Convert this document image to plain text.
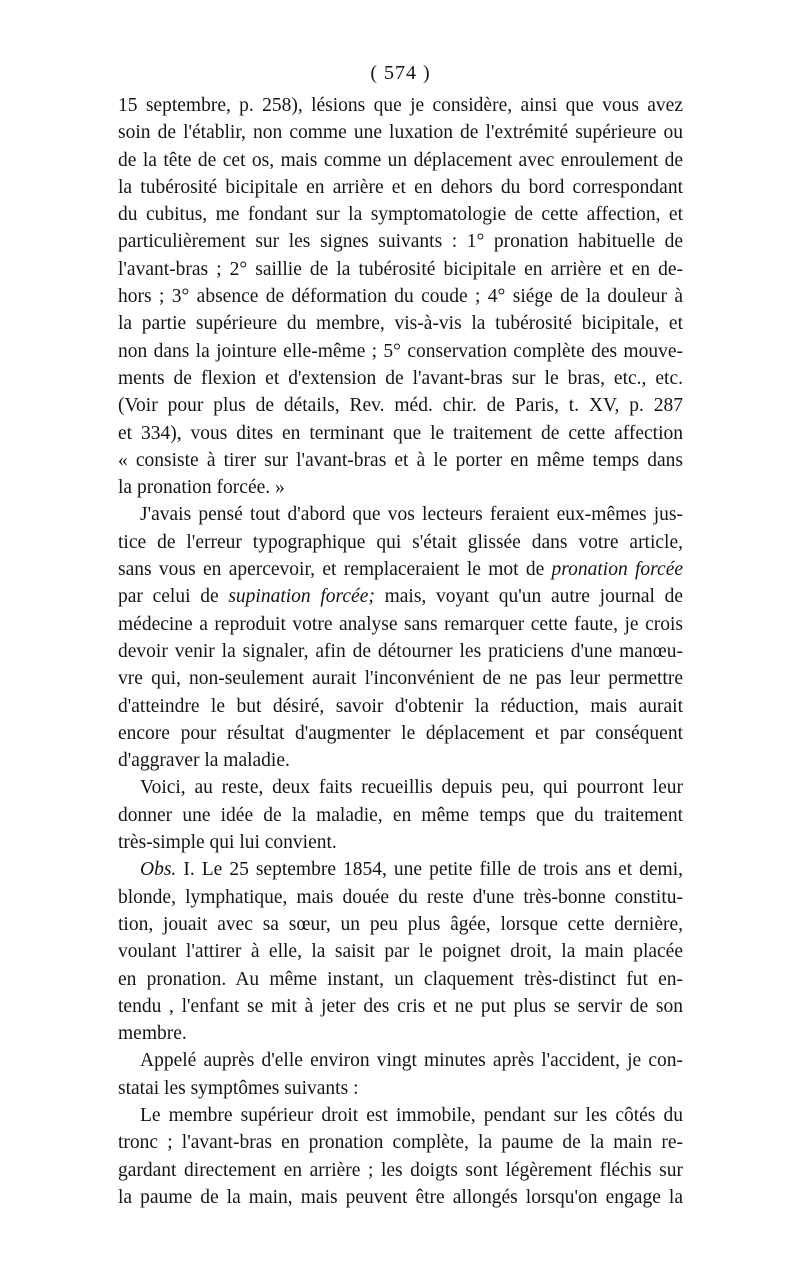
( 574 )
15 septembre, p. 258), lésions que je considère, ainsi que vous avez
soin de l'établir, non comme une luxation de l'extrémité supérieure ou
de la tête de cet os, mais comme un déplacement avec enroulement de
la tubérosité bicipitale en arrière et en dehors du bord correspondant
du cubitus, me fondant sur la symptomatologie de cette affection, et
particulièrement sur les signes suivants : 1° pronation habituelle de
l'avant-bras ; 2° saillie de la tubérosité bicipitale en arrière et en de-
hors ; 3° absence de déformation du coude ; 4° siége de la douleur à
la partie supérieure du membre, vis-à-vis la tubérosité bicipitale, et
non dans la jointure elle-même ; 5° conservation complète des mouve-
ments de flexion et d'extension de l'avant-bras sur le bras, etc., etc.
(Voir pour plus de détails, Rev. méd. chir. de Paris, t. XV, p. 287
et 334), vous dites en terminant que le traitement de cette affection
« consiste à tirer sur l'avant-bras et à le porter en même temps dans
la pronation forcée. »
J'avais pensé tout d'abord que vos lecteurs feraient eux-mêmes jus-
tice de l'erreur typographique qui s'était glissée dans votre article,
sans vous en apercevoir, et remplaceraient le mot de pronation forcée
par celui de supination forcée; mais, voyant qu'un autre journal de
médecine a reproduit votre analyse sans remarquer cette faute, je crois
devoir venir la signaler, afin de détourner les praticiens d'une manœu-
vre qui, non-seulement aurait l'inconvénient de ne pas leur permettre
d'atteindre le but désiré, savoir d'obtenir la réduction, mais aurait
encore pour résultat d'augmenter le déplacement et par conséquent
d'aggraver la maladie.
Voici, au reste, deux faits recueillis depuis peu, qui pourront leur
donner une idée de la maladie, en même temps que du traitement
très-simple qui lui convient.
Obs. I. Le 25 septembre 1854, une petite fille de trois ans et demi,
blonde, lymphatique, mais douée du reste d'une très-bonne constitu-
tion, jouait avec sa sœur, un peu plus âgée, lorsque cette dernière,
voulant l'attirer à elle, la saisit par le poignet droit, la main placée
en pronation. Au même instant, un claquement très-distinct fut en-
tendu , l'enfant se mit à jeter des cris et ne put plus se servir de son
membre.
Appelé auprès d'elle environ vingt minutes après l'accident, je con-
statai les symptômes suivants :
Le membre supérieur droit est immobile, pendant sur les côtés du
tronc ; l'avant-bras en pronation complète, la paume de la main re-
gardant directement en arrière ; les doigts sont légèrement fléchis sur
la paume de la main, mais peuvent être allongés lorsqu'on engage la
